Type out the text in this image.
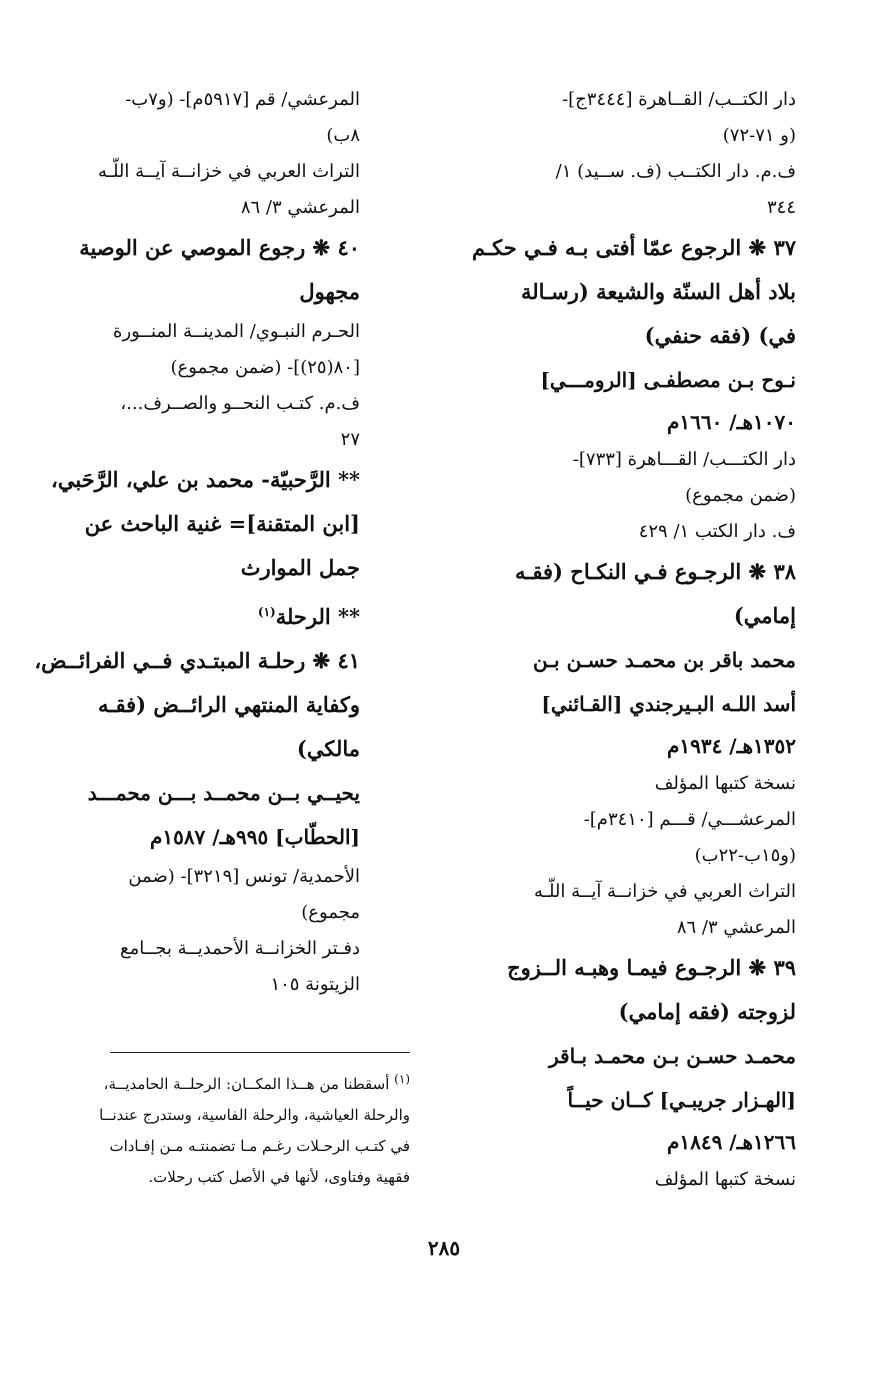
دار الكتــب/ القــاهرة [٣٤٤٤ج]-
(و ٧١-٧٢)
ف.م. دار الكتــب (ف. ســيد) ١/
٣٤٤
٣٧ ❋ الرجوع عمّا أفتى بـه فـي حكـم
بلاد أهل السنّة والشيعة (رسـالة
في) (فقه حنفي)
نـوح بـن مصطفـى [الرومـــي]
١٠٧٠هـ/ ١٦٦٠م
دار الكتـــب/ القـــاهرة [٧٣٣]-
(ضمن مجموع)
ف. دار الكتب ١/ ٤٢٩
٣٨ ❋ الرجـوع فـي النكـاح (فقـه
إمامي)
محمد باقر بن محمـد حسـن بـن
أسد اللـه البـيرجندي [القـائني]
١٣٥٢هـ/ ١٩٣٤م
نسخة كتبها المؤلف
المرعشـــي/ قـــم [٣٤١٠م]-
(و١٥ب-٢٢ب)
التراث العربي في خزانــة آيــة اللّـه
المرعشي ٣/ ٨٦
٣٩ ❋ الرجـوع فيمـا وهبـه الــزوج
لزوجته (فقه إمامي)
محمـد حسـن بـن محمـد بـاقر
[الهـزار جريبـي] كــان حيــاً
١٢٦٦هـ/ ١٨٤٩م
نسخة كتبها المؤلف
المرعشي/ قم [٥٩١٧م]- (و٧ب-
٨ب)
التراث العربي في خزانــة آيــة اللّـه
المرعشي ٣/ ٨٦
٤٠ ❋ رجوع الموصي عن الوصية
مجهول
الحـرم النبـوي/ المدينــة المنــورة
[٨٠(٢٥)]- (ضمن مجموع)
ف.م. كتـب النحــو والصــرف...،
٢٧
** الرَّحبيّة- محمد بن علي، الرَّحَبي،
[ابن المتقنة]= غنية الباحث عن
جمل الموارث
** الرحلة$^{(١)}$
٤١ ❋ رحلـة المبتـدي فــي الفرائــض،
وكفاية المنتهي الرائــض (فقـه
مالكي)
يحيــي بــن محمــد بـــن محمـــد
[الحطّاب] ٩٩٥هـ/ ١٥٨٧م
الأحمدية/ تونس [٣٢١٩]- (ضمن
مجموع)
دفـتر الخزانــة الأحمديــة بجــامع
الزيتونة ١٠٥
$^{(١)}$ أسقطنا من هــذا المكــان: الرحلــة الحامديــة،
والرحلة العياشية، والرحلة الفاسية، وستدرج عندنــا
في كتـب الرحـلات رغـم مـا تضمنتـه مـن إفـادات
فقهية وفتاوى، لأنها في الأصل كتب رحلات.
٢٨٥
